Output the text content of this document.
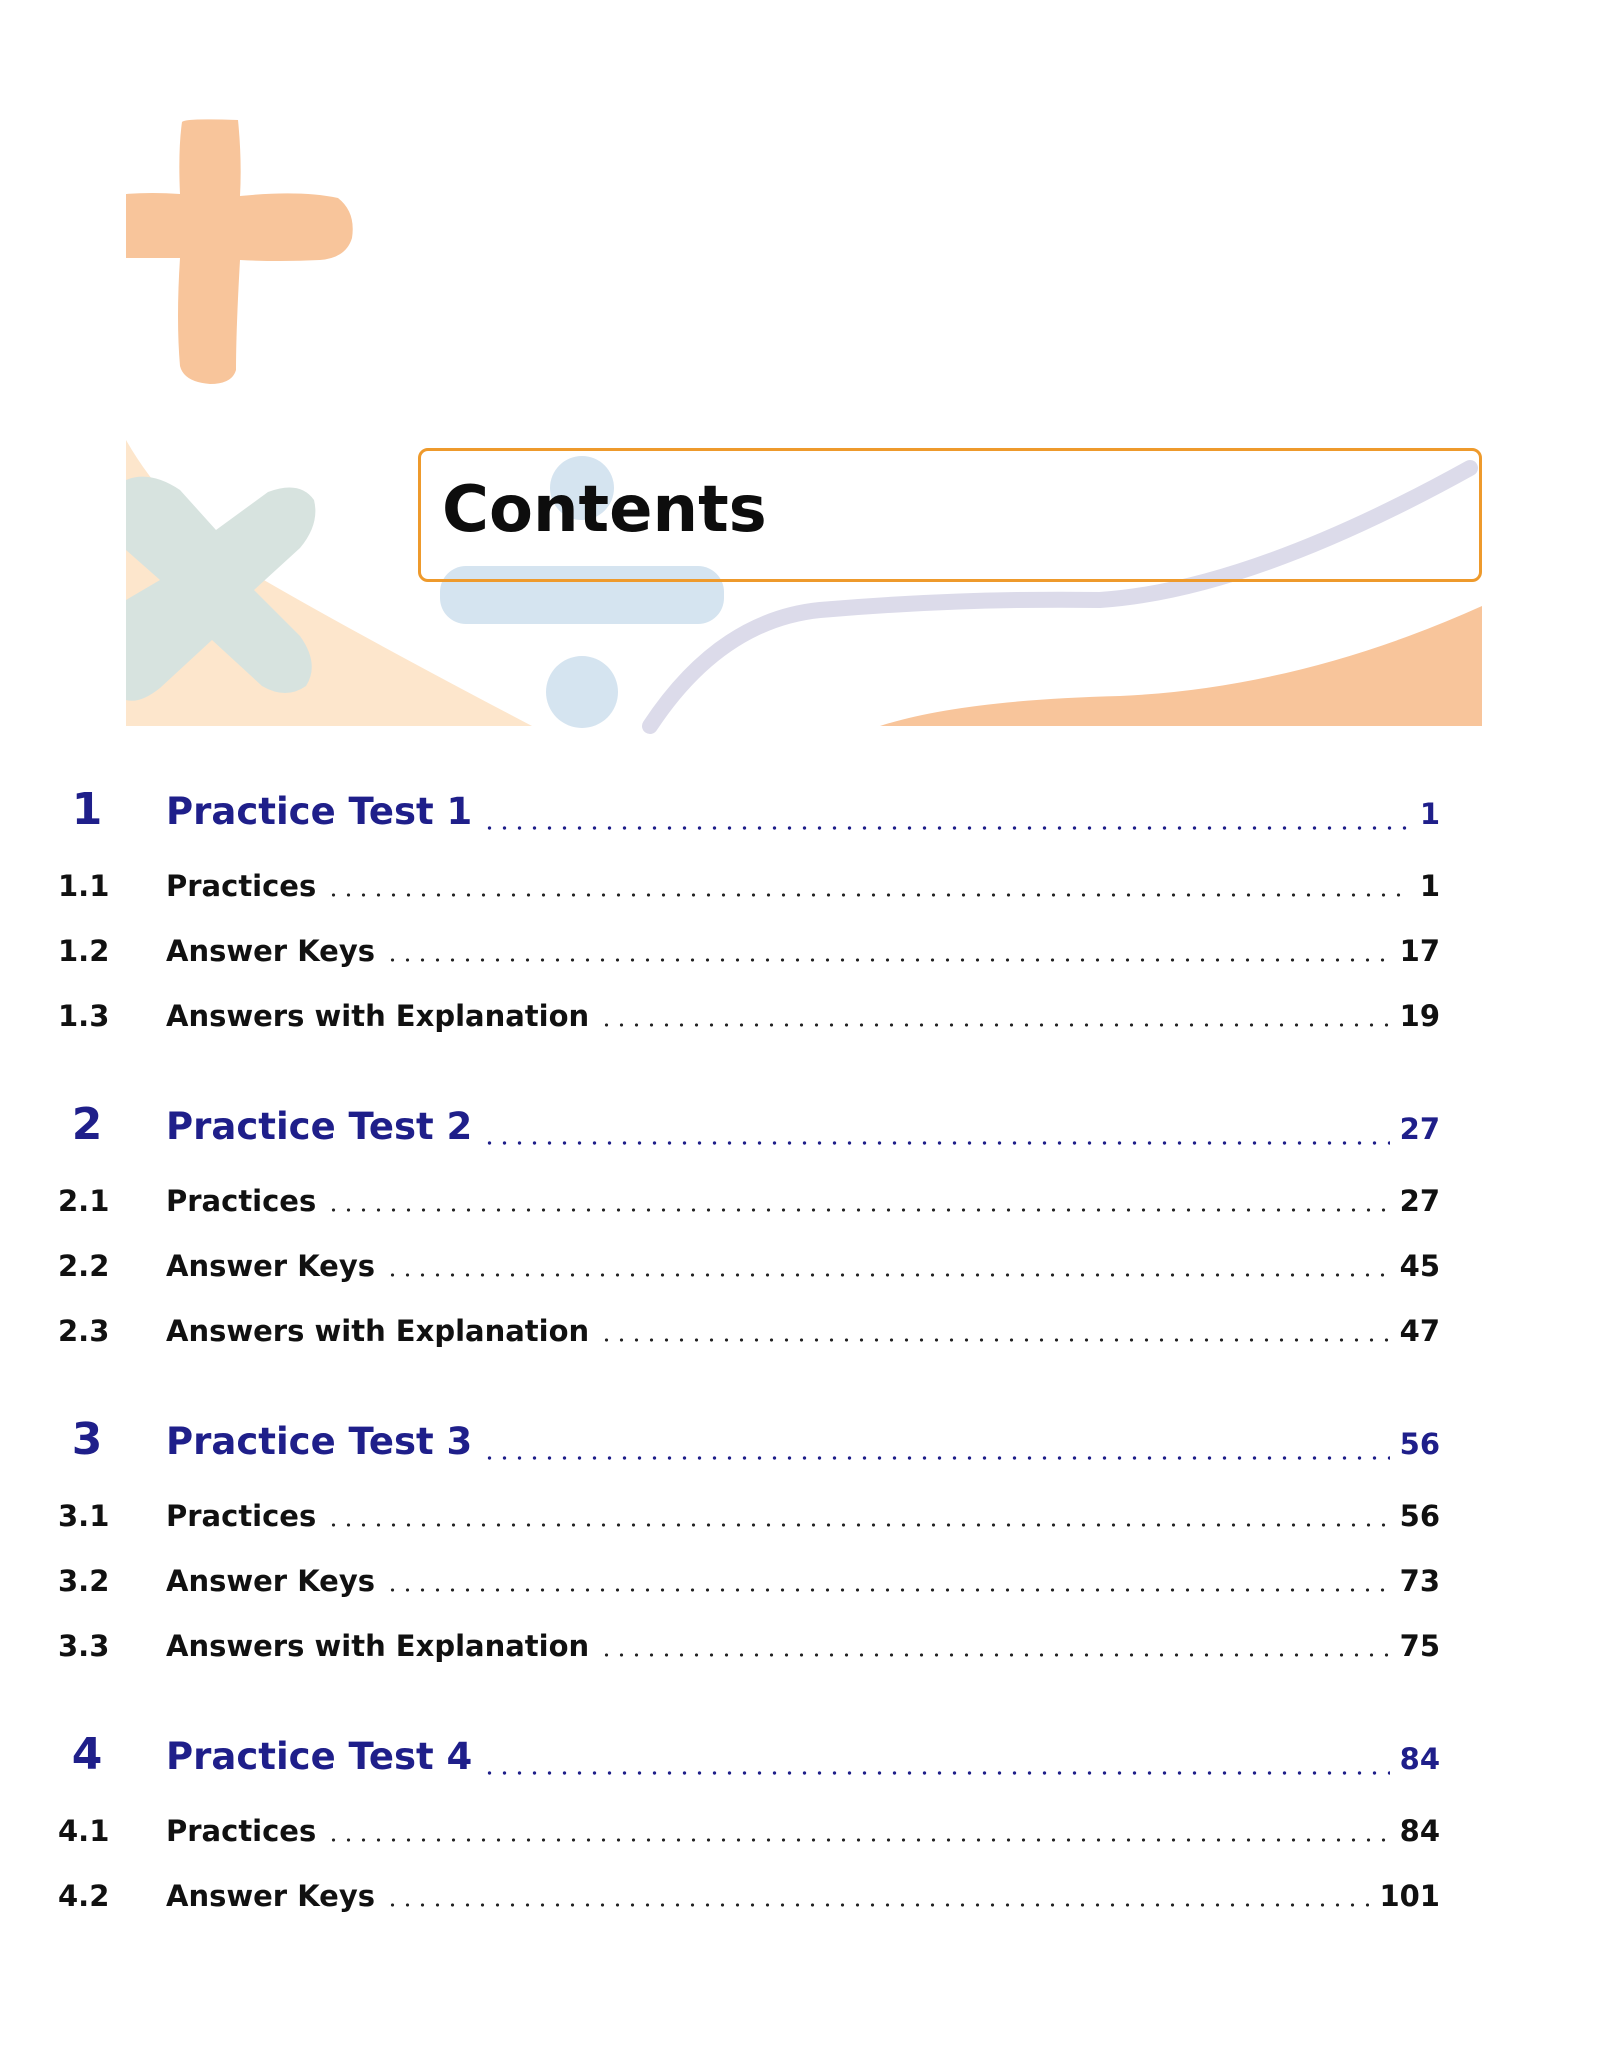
Contents
1 Practice Test 1	1
1.1 Practices	1
1.2 Answer Keys	17
1.3 Answers with Explanation	19
2 Practice Test 2	27
2.1 Practices	27
2.2 Answer Keys	45
2.3 Answers with Explanation	47
3 Practice Test 3	56
3.1 Practices	56
3.2 Answer Keys	73
3.3 Answers with Explanation	75
4 Practice Test 4	84
4.1 Practices	84
4.2 Answer Keys	101
